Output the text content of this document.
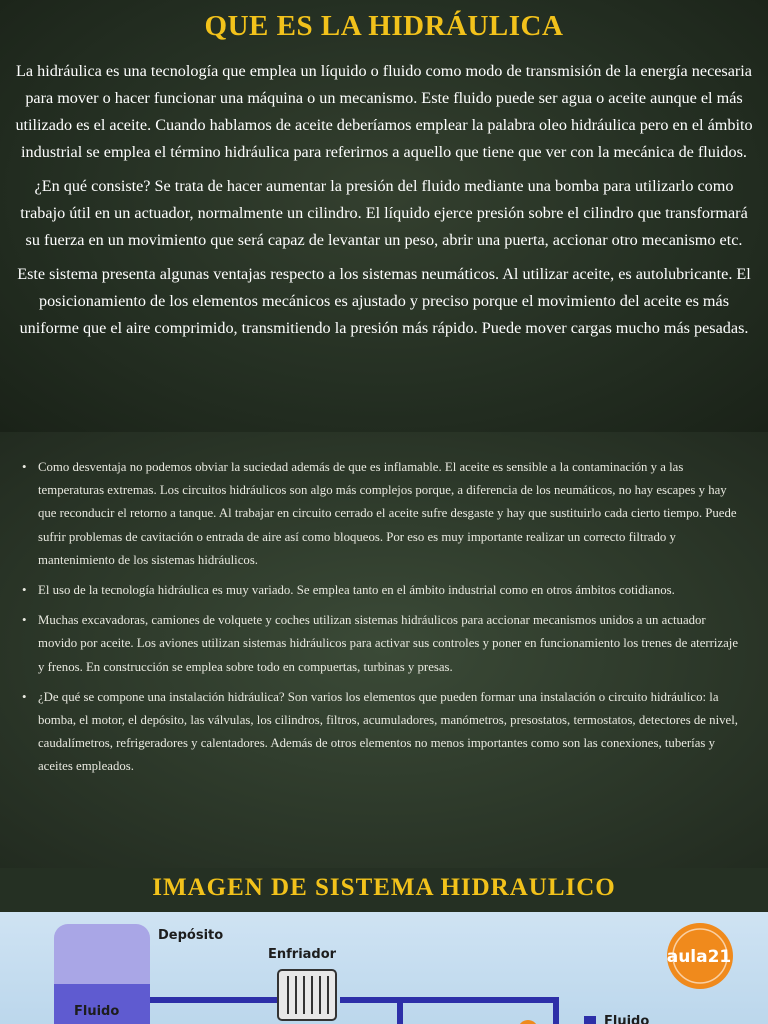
QUE ES LA HIDRÁULICA

La hidráulica es una tecnología que emplea un líquido o fluido como modo de transmisión de la energía necesaria para mover o hacer funcionar una máquina o un mecanismo. Este fluido puede ser agua o aceite aunque el más utilizado es el aceite. Cuando hablamos de aceite deberíamos emplear la palabra oleo hidráulica pero en el ámbito industrial se emplea el término hidráulica para referirnos a aquello que tiene que ver con la mecánica de fluidos.

¿En qué consiste? Se trata de hacer aumentar la presión del fluido mediante una bomba para utilizarlo como trabajo útil en un actuador, normalmente un cilindro. El líquido ejerce presión sobre el cilindro que transformará su fuerza en un movimiento que será capaz de levantar un peso, abrir una puerta, accionar otro mecanismo etc.

Este sistema presenta algunas ventajas respecto a los sistemas neumáticos. Al utilizar aceite, es autolubricante. El posicionamiento de los elementos mecánicos es ajustado y preciso porque el movimiento del aceite es más uniforme que el aire comprimido, transmitiendo la presión más rápido. Puede mover cargas mucho más pesadas.

• Como desventaja no podemos obviar la suciedad además de que es inflamable. El aceite es sensible a la contaminación y a las temperaturas extremas. Los circuitos hidráulicos son algo más complejos porque, a diferencia de los neumáticos, no hay escapes y hay que reconducir el retorno a tanque. Al trabajar en circuito cerrado el aceite sufre desgaste y hay que sustituirlo cada cierto tiempo. Puede sufrir problemas de cavitación o entrada de aire así como bloqueos. Por eso es muy importante realizar un correcto filtrado y mantenimiento de los sistemas hidráulicos.
• El uso de la tecnología hidráulica es muy variado. Se emplea tanto en el ámbito industrial como en otros ámbitos cotidianos.
• Muchas excavadoras, camiones de volquete y coches utilizan sistemas hidráulicos para accionar mecanismos unidos a un actuador movido por aceite. Los aviones utilizan sistemas hidráulicos para activar sus controles y poner en funcionamiento los trenes de aterrizaje y frenos. En construcción se emplea sobre todo en compuertas, turbinas y presas.
• ¿De qué se compone una instalación hidráulica? Son varios los elementos que pueden formar una instalación o circuito hidráulico: la bomba, el motor, el depósito, las válvulas, los cilindros, filtros, acumuladores, manómetros, presostatos, termostatos, detectores de nivel, caudalímetros, refrigeradores y calentadores. Además de otros elementos no menos importantes como son las conexiones, tuberías y aceites empleados.
IMAGEN DE SISTEMA HIDRAULICO
aula21
Depósito
Enfriador
Fluido
Fluido
